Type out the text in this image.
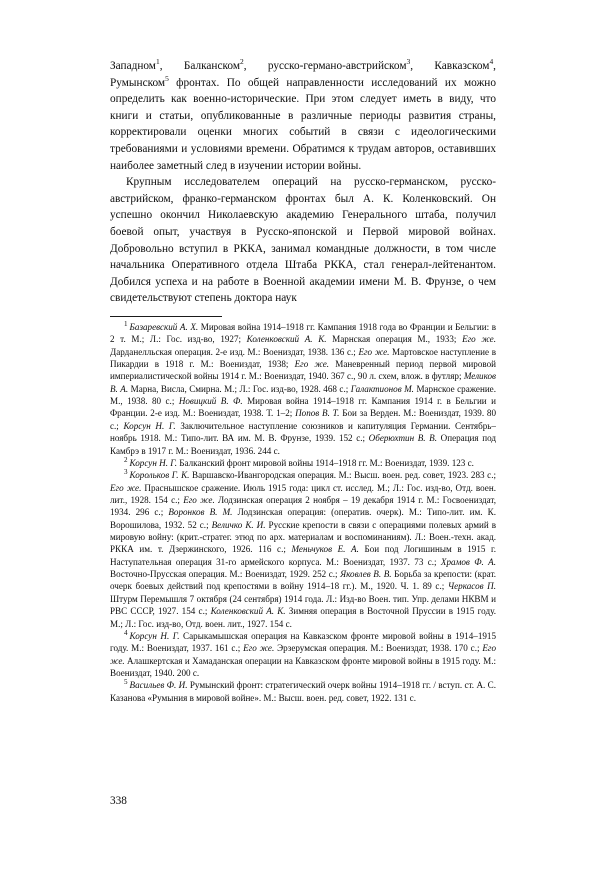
Западном$^1$, Балканском$^2$, русско-германо-австрийском$^3$, Кавказском$^4$, Румынском$^5$ фронтах. По общей направленности исследований их можно определить как военно-исторические. При этом следует иметь в виду, что книги и статьи, опубликованные в различные периоды развития страны, корректировали оценки многих событий в связи с идеологическими требованиями и условиями времени. Обратимся к трудам авторов, оставивших наиболее заметный след в изучении истории войны.

Крупным исследователем операций на русско-германском, русско-австрийском, франко-германском фронтах был А. К. Коленковский. Он успешно окончил Николаевскую академию Генерального штаба, получил боевой опыт, участвуя в Русско-японской и Первой мировой войнах. Добровольно вступил в РККА, занимал командные должности, в том числе начальника Оперативного отдела Штаба РККА, стал генерал-лейтенантом. Добился успеха и на работе в Военной академии имени М. В. Фрунзе, о чем свидетельствуют степень доктора наук

$^1$ Базаревский А. Х. Мировая война 1914–1918 гг. Кампания 1918 года во Франции и Бельгии: в 2 т. М.; Л.: Гос. изд-во, 1927; Коленковский А. К. Марнская операция М., 1933; Его же. Дарданелльская операция. 2-е изд. М.: Воениздат, 1938. 136 с.; Его же. Мартовское наступление в Пикардии в 1918 г. М.: Воениздат, 1938; Его же. Маневренный период первой мировой империалистической войны 1914 г. М.: Воениздат, 1940. 367 с., 90 л. схем, влож. в футляр; Меликов В. А. Марна, Висла, Смирна. М.; Л.: Гос. изд-во, 1928. 468 с.; Галактионов М. Марнское сражение. М., 1938. 80 с.; Новицкий В. Ф. Мировая война 1914–1918 гг. Кампания 1914 г. в Бельгии и Франции. 2-е изд. М.: Воениздат, 1938. Т. 1–2; Попов В. Т. Бои за Верден. М.: Воениздат, 1939. 80 с.; Корсун Н. Г. Заключительное наступление союзников и капитуляция Германии. Сентябрь–ноябрь 1918. М.: Типо-лит. ВА им. М. В. Фрунзе, 1939. 152 с.; Оберюхтин В. В. Операция под Камбрэ в 1917 г. М.: Воениздат, 1936. 244 с.

$^2$ Корсун Н. Г. Балканский фронт мировой войны 1914–1918 гг. М.: Воениздат, 1939. 123 с.

$^3$ Корольков Г. К. Варшавско-Ивангородская операция. М.: Высш. воен. ред. совет, 1923. 283 с.; Его же. Праснышское сражение. Июль 1915 года: цикл ст. исслед. М.; Л.: Гос. изд-во, Отд. воен. лит., 1928. 154 с.; Его же. Лодзинская операция 2 ноября – 19 декабря 1914 г. М.: Госвоениздат, 1934. 296 с.; Воронков В. М. Лодзинская операция: (оператив. очерк). М.: Типо-лит. им. К. Ворошилова, 1932. 52 с.; Величко К. И. Русские крепости в связи с операциями полевых армий в мировую войну: (крит.-стратег. этюд по арх. материалам и воспоминаниям). Л.: Воен.-техн. акад. РККА им. т. Дзержинского, 1926. 116 с.; Меньчуков Е. А. Бои под Логишиным в 1915 г. Наступательная операция 31-го армейского корпуса. М.: Воениздат, 1937. 73 с.; Храмов Ф. А. Восточно-Прусская операция. М.: Воениздат, 1929. 252 с.; Яковлев В. В. Борьба за крепости: (крат. очерк боевых действий под крепостями в войну 1914–18 гг.). М., 1920. Ч. 1. 89 с.; Черкасов П. Штурм Перемышля 7 октября (24 сентября) 1914 года. Л.: Изд-во Воен. тип. Упр. делами НКВМ и РВС СССР, 1927. 154 с.; Коленковский А. К. Зимняя операция в Восточной Пруссии в 1915 году. М.; Л.: Гос. изд-во, Отд. воен. лит., 1927. 154 с.

$^4$ Корсун Н. Г. Сарыкамышская операция на Кавказском фронте мировой войны в 1914–1915 году. М.: Воениздат, 1937. 161 с.; Его же. Эрзерумская операция. М.: Воениздат, 1938. 170 с.; Его же. Алашкертская и Хамаданская операции на Кавказском фронте мировой войны в 1915 году. М.: Воениздат, 1940. 200 с.

$^5$ Васильев Ф. И. Румынский фронт: стратегический очерк войны 1914–1918 гг. / вступ. ст. А. С. Казанова «Румыния в мировой войне». М.: Высш. воен. ред. совет, 1922. 131 с.

338
